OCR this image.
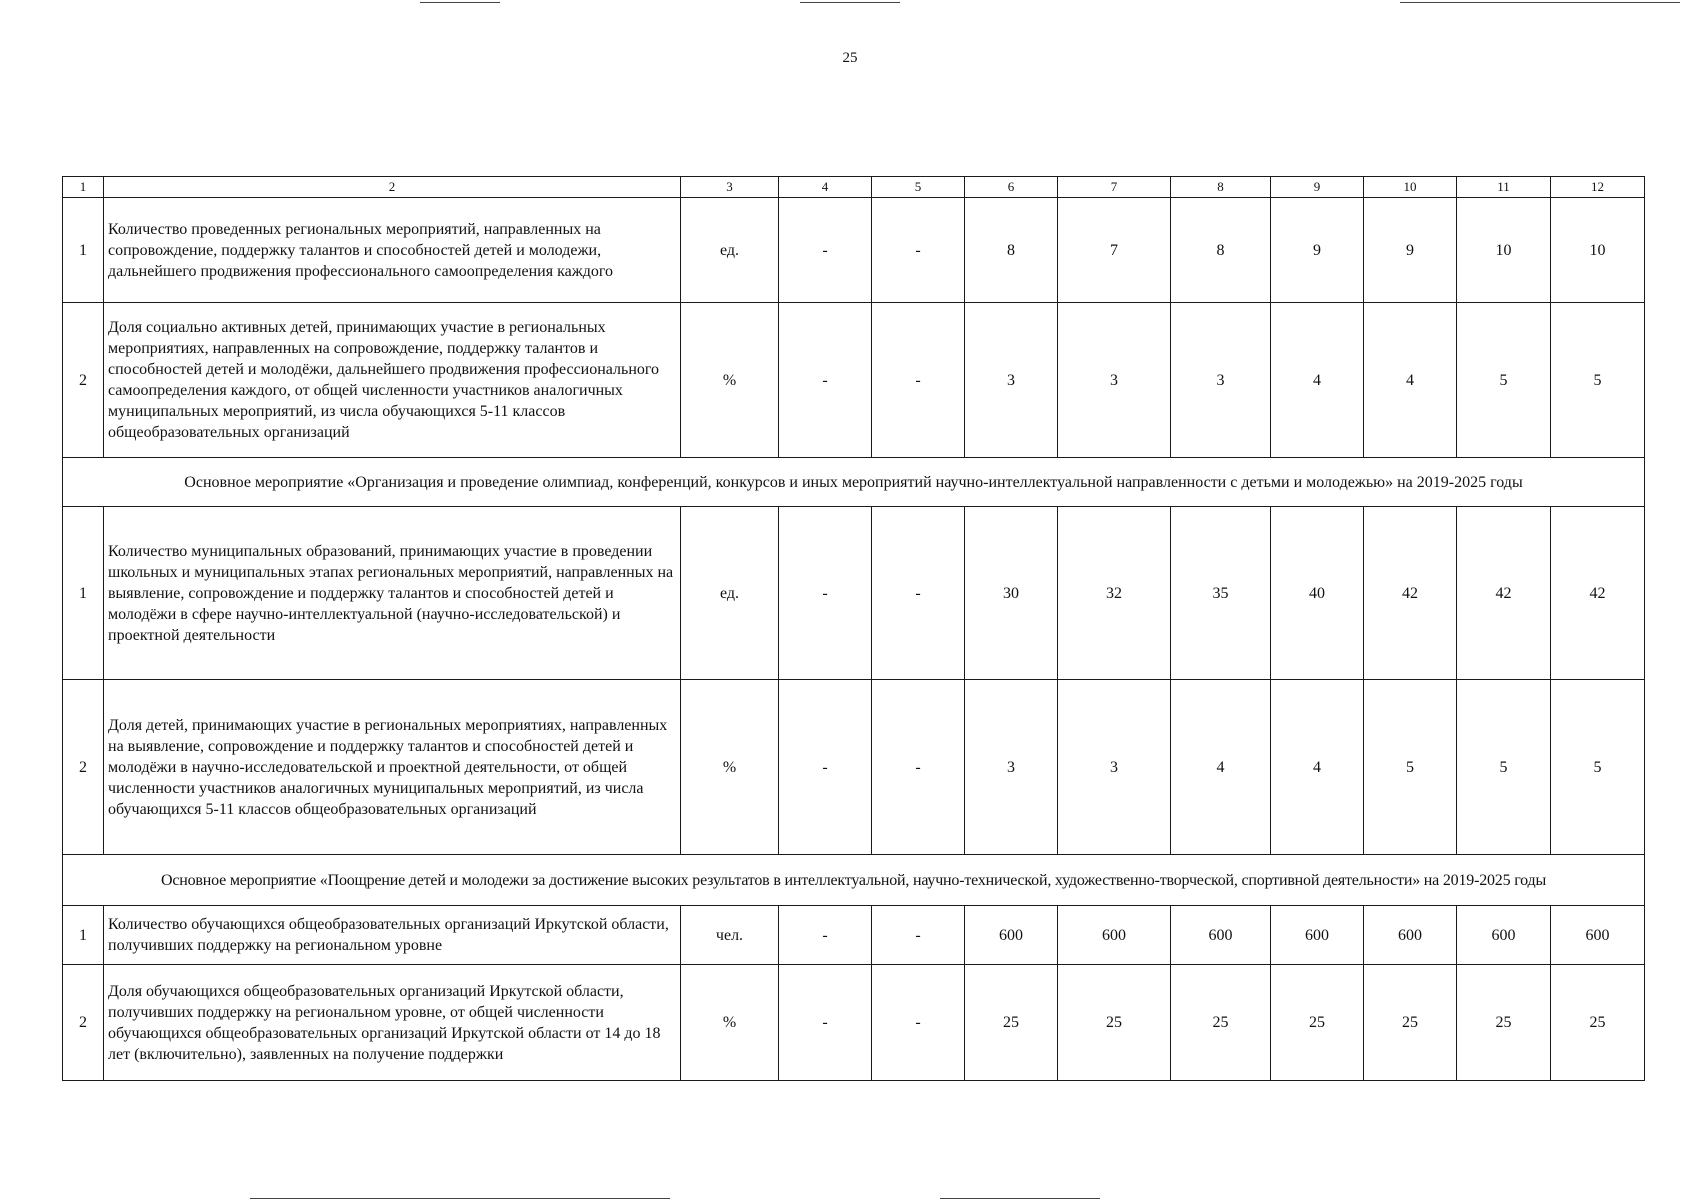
25
1	2	3	4	5	6	7	8	9	10	11	12
1	Количество проведенных региональных мероприятий, направленных на сопровождение, поддержку талантов и способностей детей и молодежи, дальнейшего продвижения профессионального самоопределения каждого	ед.	-	-	8	7	8	9	9	10	10
2	Доля социально активных детей, принимающих участие в региональных мероприятиях, направленных на сопровождение, поддержку талантов и способностей детей и молодёжи, дальнейшего продвижения профессионального самоопределения каждого, от общей численности участников аналогичных муниципальных мероприятий, из числа обучающихся 5-11 классов общеобразовательных организаций	%	-	-	3	3	3	4	4	5	5
Основное мероприятие «Организация и проведение олимпиад, конференций, конкурсов и иных мероприятий научно-интеллектуальной направленности с детьми и молодежью» на 2019-2025 годы											
1	Количество муниципальных образований, принимающих участие в проведении школьных и муниципальных этапах региональных мероприятий, направленных на выявление, сопровождение и поддержку талантов и способностей детей и молодёжи в сфере научно-интеллектуальной (научно-исследовательской) и проектной деятельности	ед.	-	-	30	32	35	40	42	42	42
2	Доля детей, принимающих участие в региональных мероприятиях, направленных на выявление, сопровождение и поддержку талантов и способностей детей и молодёжи в научно-исследовательской и проектной деятельности, от общей численности участников аналогичных муниципальных мероприятий, из числа обучающихся 5-11 классов общеобразовательных организаций	%	-	-	3	3	4	4	5	5	5
Основное мероприятие «Поощрение детей и молодежи за достижение высоких результатов в интеллектуальной, научно-технической, художественно-творческой, спортивной деятельности» на 2019-2025 годы											
1	Количество обучающихся общеобразовательных организаций Иркутской области, получивших поддержку на региональном уровне	чел.	-	-	600	600	600	600	600	600	600
2	Доля обучающихся общеобразовательных организаций Иркутской области, получивших поддержку на региональном уровне, от общей численности обучающихся общеобразовательных организаций Иркутской области от 14 до 18 лет (включительно), заявленных на получение поддержки	%	-	-	25	25	25	25	25	25	25
